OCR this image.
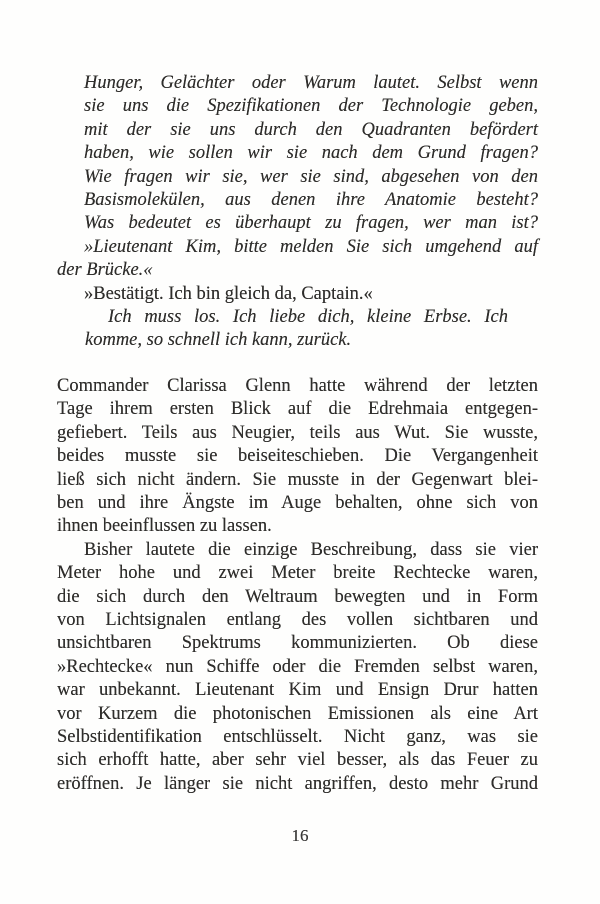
Hunger, Gelächter oder Warum lautet. Selbst wenn
sie uns die Spezifikationen der Technologie geben,
mit der sie uns durch den Quadranten befördert
haben, wie sollen wir sie nach dem Grund fragen?
Wie fragen wir sie, wer sie sind, abgesehen von den
Basismolekülen, aus denen ihre Anatomie besteht?
Was bedeutet es überhaupt zu fragen, wer man ist?
»Lieutenant Kim, bitte melden Sie sich umgehend auf
der Brücke.«
»Bestätigt. Ich bin gleich da, Captain.«
Ich muss los. Ich liebe dich, kleine Erbse. Ich
komme, so schnell ich kann, zurück.
Commander Clarissa Glenn hatte während der letzten
Tage ihrem ersten Blick auf die Edrehmaia entgegen-
gefiebert. Teils aus Neugier, teils aus Wut. Sie wusste,
beides musste sie beiseiteschieben. Die Vergangenheit
ließ sich nicht ändern. Sie musste in der Gegenwart blei-
ben und ihre Ängste im Auge behalten, ohne sich von
ihnen beeinflussen zu lassen.
Bisher lautete die einzige Beschreibung, dass sie vier
Meter hohe und zwei Meter breite Rechtecke waren,
die sich durch den Weltraum bewegten und in Form
von Lichtsignalen entlang des vollen sichtbaren und
unsichtbaren Spektrums kommunizierten. Ob diese
»Rechtecke« nun Schiffe oder die Fremden selbst waren,
war unbekannt. Lieutenant Kim und Ensign Drur hatten
vor Kurzem die photonischen Emissionen als eine Art
Selbstidentifikation entschlüsselt. Nicht ganz, was sie
sich erhofft hatte, aber sehr viel besser, als das Feuer zu
eröffnen. Je länger sie nicht angriffen, desto mehr Grund
16
